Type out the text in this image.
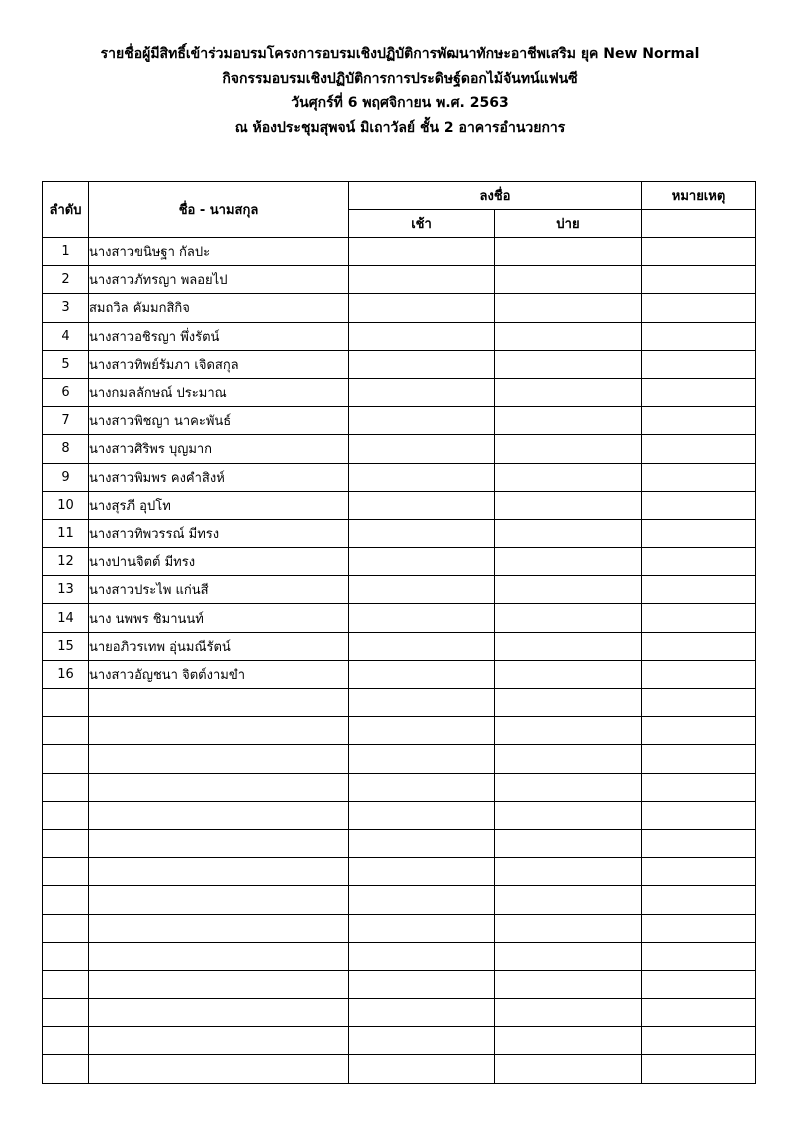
รายชื่อผู้มีสิทธิ์เข้าร่วมอบรมโครงการอบรมเชิงปฏิบัติการพัฒนาทักษะอาชีพเสริม ยุค New Normal
กิจกรรมอบรมเชิงปฏิบัติการการประดิษฐ์ดอกไม้จันทน์แฟนซี
วันศุกร์ที่ 6 พฤศจิกายน พ.ศ. 2563
ณ ห้องประชุมสุพจน์ มิเถาวัลย์ ชั้น 2 อาคารอำนวยการ
ลำดับ	ชื่อ - นามสกุล	ลงชื่อ		หมายเหตุ
		เช้า	บ่าย	
1	นางสาวขนิษฐา กัลปะ			
2	นางสาวภัทรญา พลอยไป			
3	สมถวิล คัมมกสิกิจ			
4	นางสาวอชิรญา พึ่งรัตน์			
5	นางสาวทิพย์รัมภา เจิดสกุล			
6	นางกมลลักษณ์ ประมาณ			
7	นางสาวพิชญา นาคะพันธ์			
8	นางสาวศิริพร บุญมาก			
9	นางสาวพิมพร คงคำสิงห์			
10	นางสุรภี อุปโท			
11	นางสาวทิพวรรณ์ มีทรง			
12	นางปานจิตต์ มีทรง			
13	นางสาวประไพ แก่นสี			
14	นาง นพพร ชิมานนท์			
15	นายอภิวรเทพ อุ่นมณีรัตน์			
16	นางสาวอัญชนา จิตต์งามขำ			
